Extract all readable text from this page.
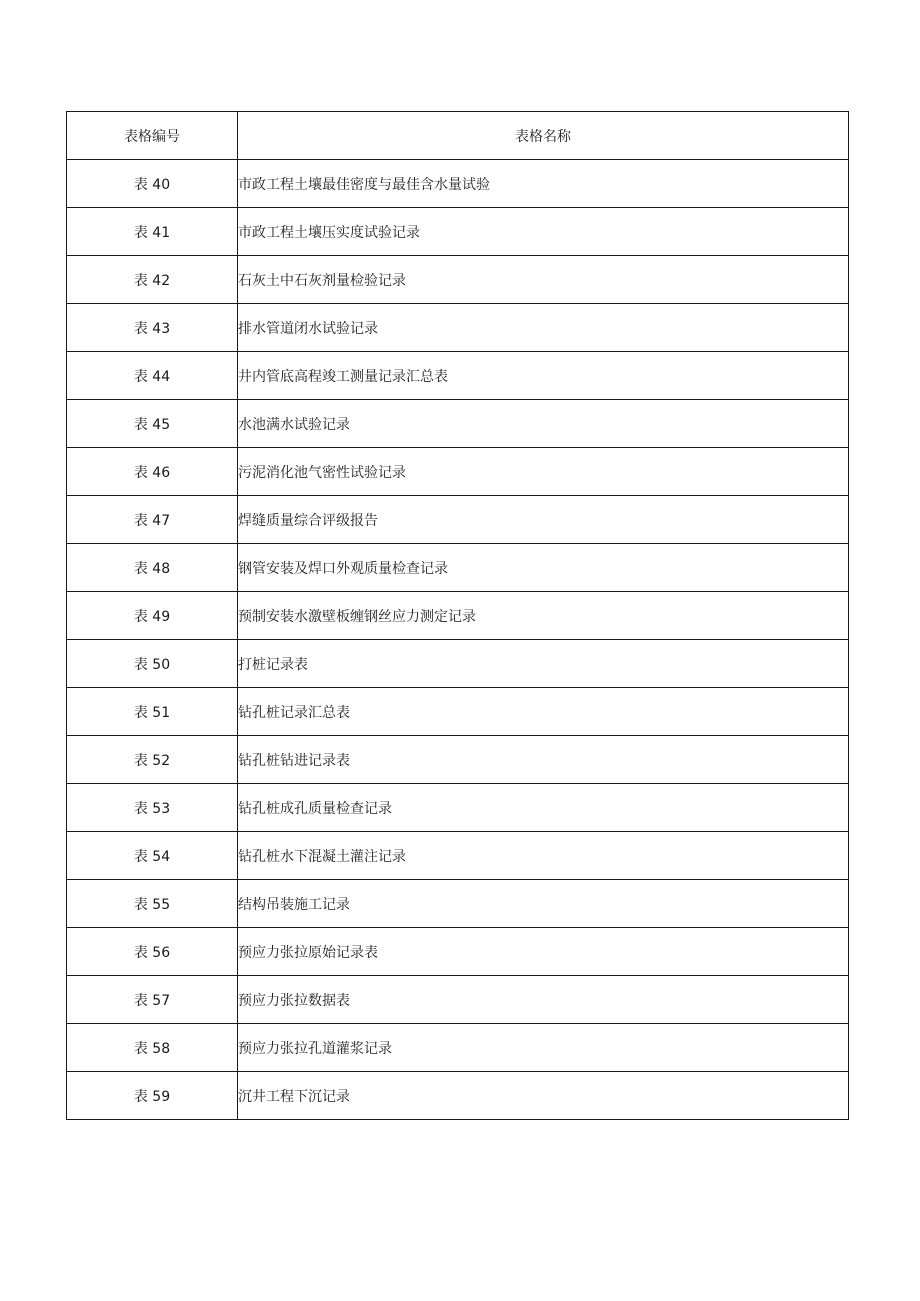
表格编号	表格名称
表 40	市政工程土壤最佳密度与最佳含水量试验
表 41	市政工程土壤压实度试验记录
表 42	石灰土中石灰剂量检验记录
表 43	排水管道闭水试验记录
表 44	井内管底高程竣工测量记录汇总表
表 45	水池满水试验记录
表 46	污泥消化池气密性试验记录
表 47	焊缝质量综合评级报告
表 48	钢管安装及焊口外观质量检查记录
表 49	预制安装水激壁板缠钢丝应力测定记录
表 50	打桩记录表
表 51	钻孔桩记录汇总表
表 52	钻孔桩钻进记录表
表 53	钻孔桩成孔质量检查记录
表 54	钻孔桩水下混凝土灌注记录
表 55	结构吊装施工记录
表 56	预应力张拉原始记录表
表 57	预应力张拉数据表
表 58	预应力张拉孔道灌浆记录
表 59	沉井工程下沉记录
